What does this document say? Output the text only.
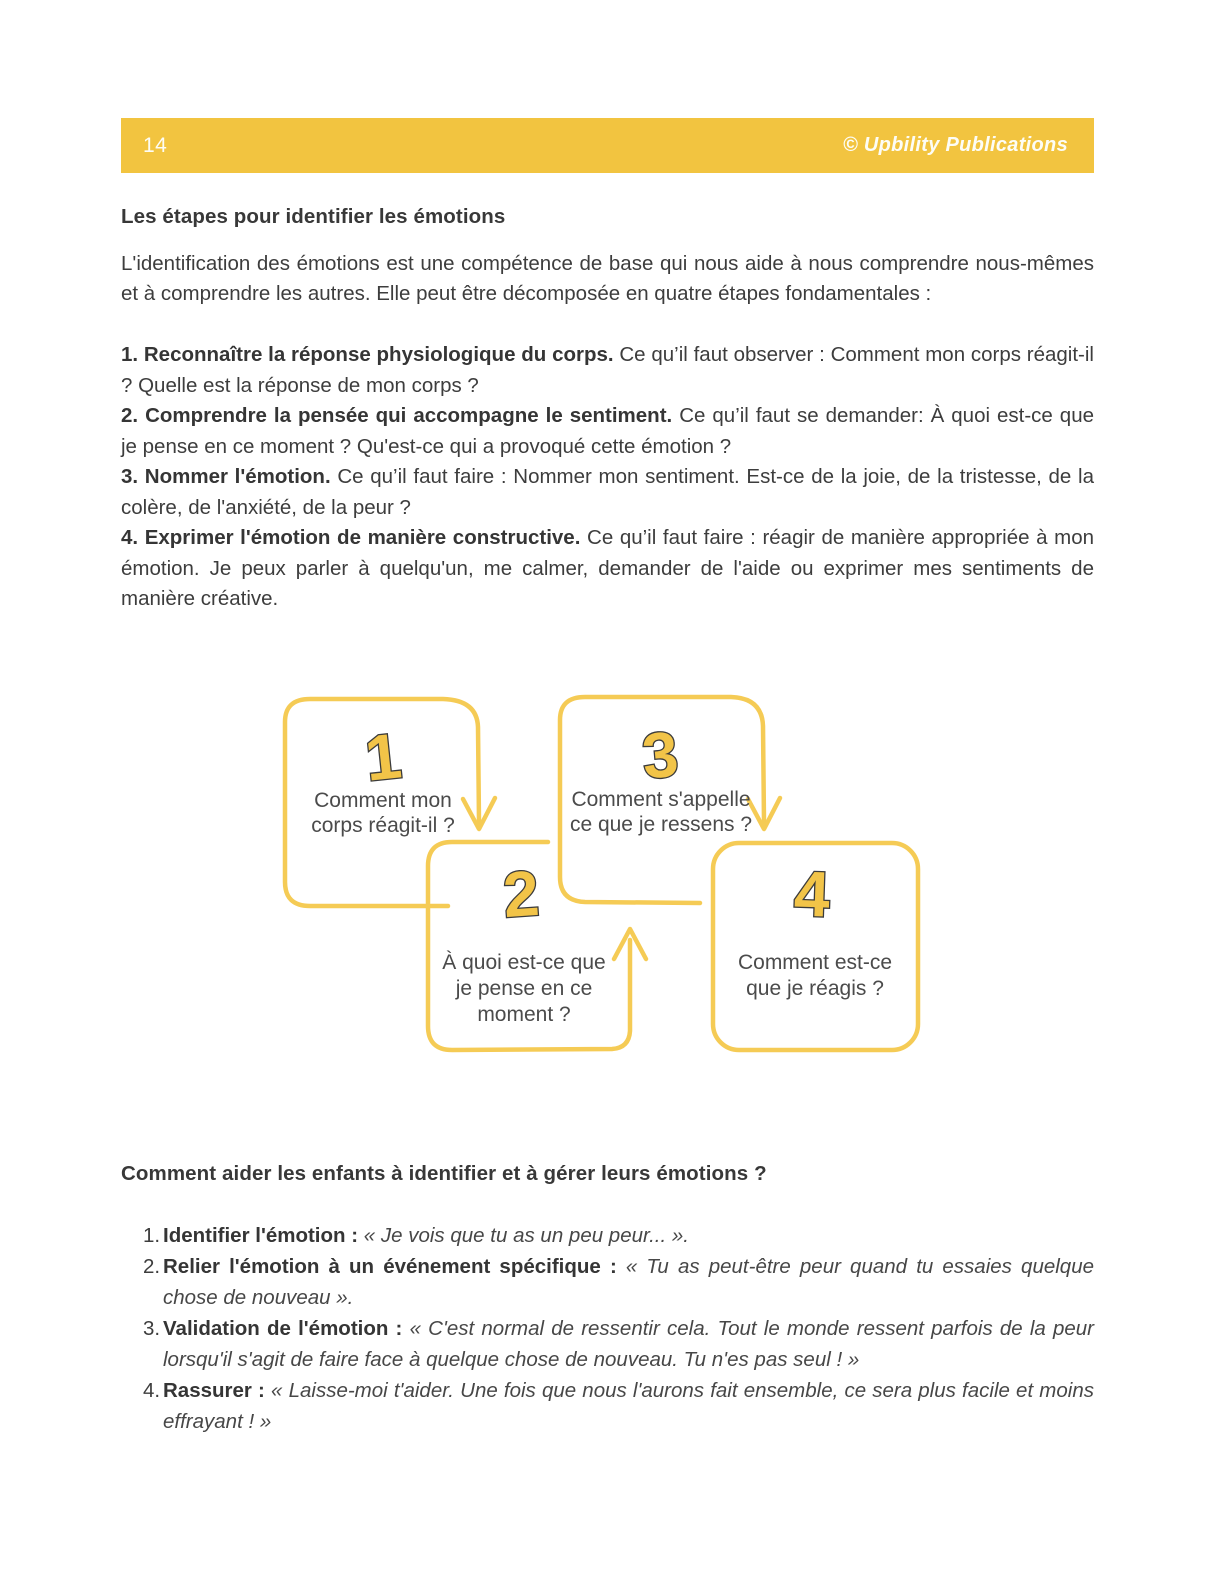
14	© Upbility Publications
Les étapes pour identifier les émotions

L'identification des émotions est une compétence de base qui nous aide à nous comprendre nous-mêmes et à comprendre les autres. Elle peut être décomposée en quatre étapes fondamentales :

1. Reconnaître la réponse physiologique du corps. Ce qu’il faut observer : Comment mon corps réagit-il ? Quelle est la réponse de mon corps ?

2. Comprendre la pensée qui accompagne le sentiment. Ce qu’il faut se demander: À quoi est-ce que je pense en ce moment ? Qu'est-ce qui a provoqué cette émotion ?

3. Nommer l'émotion. Ce qu’il faut faire : Nommer mon sentiment. Est-ce de la joie, de la tristesse, de la colère, de l'anxiété, de la peur ?

4. Exprimer l'émotion de manière constructive. Ce qu’il faut faire : réagir de manière appropriée à mon émotion. Je peux parler à quelqu'un, me calmer, demander de l'aide ou exprimer mes sentiments de manière créative.

1
2
3
4
Comment mon
corps réagit-il ?
Comment s'appelle
ce que je ressens ?
À quoi est-ce que
je pense en ce
moment ?
Comment est-ce
que je réagis ?
Comment aider les enfants à identifier et à gérer leurs émotions ?
1. Identifier l'émotion : « Je vois que tu as un peu peur... ».
2. Relier l'émotion à un événement spécifique : « Tu as peut-être peur quand tu essaies quelque chose de nouveau ».
3. Validation de l'émotion : « C'est normal de ressentir cela. Tout le monde ressent parfois de la peur lorsqu'il s'agit de faire face à quelque chose de nouveau. Tu n'es pas seul ! »
4. Rassurer : « Laisse-moi t'aider. Une fois que nous l'aurons fait ensemble, ce sera plus facile et moins effrayant ! »
